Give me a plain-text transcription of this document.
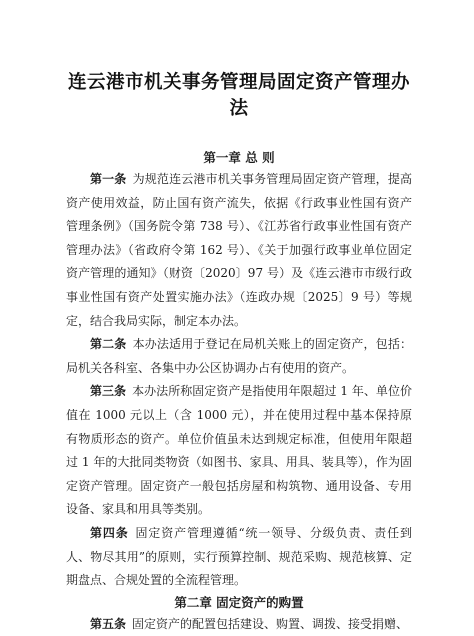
连云港市机关事务管理局固定资产管理办法
第一章 总 则

第一条 为规范连云港市机关事务管理局固定资产管理，提高资产使用效益，防止国有资产流失，依据《行政事业性国有资产管理条例》（国务院令第 738 号）、《江苏省行政事业性国有资产管理办法》（省政府令第 162 号）、《关于加强行政事业单位固定资产管理的通知》（财资〔2020〕97 号）及《连云港市市级行政事业性国有资产处置实施办法》（连政办规〔2025〕9 号）等规定，结合我局实际，制定本办法。

第二条 本办法适用于登记在局机关账上的固定资产，包括：局机关各科室、各集中办公区协调办占有使用的资产。

第三条 本办法所称固定资产是指使用年限超过 1 年、单位价值在 1000 元以上（含 1000 元），并在使用过程中基本保持原有物质形态的资产。单位价值虽未达到规定标准，但使用年限超过 1 年的大批同类物资（如图书、家具、用具、装具等），作为固定资产管理。固定资产一般包括房屋和构筑物、通用设备、专用设备、家具和用具等类别。

第四条 固定资产管理遵循“统一领导、分级负责、责任到人、物尽其用”的原则，实行预算控制、规范采购、规范核算、定期盘点、合规处置的全流程管理。

第二章 固定资产的购置

第五条 固定资产的配置包括建设、购置、调拨、接受捐赠、
